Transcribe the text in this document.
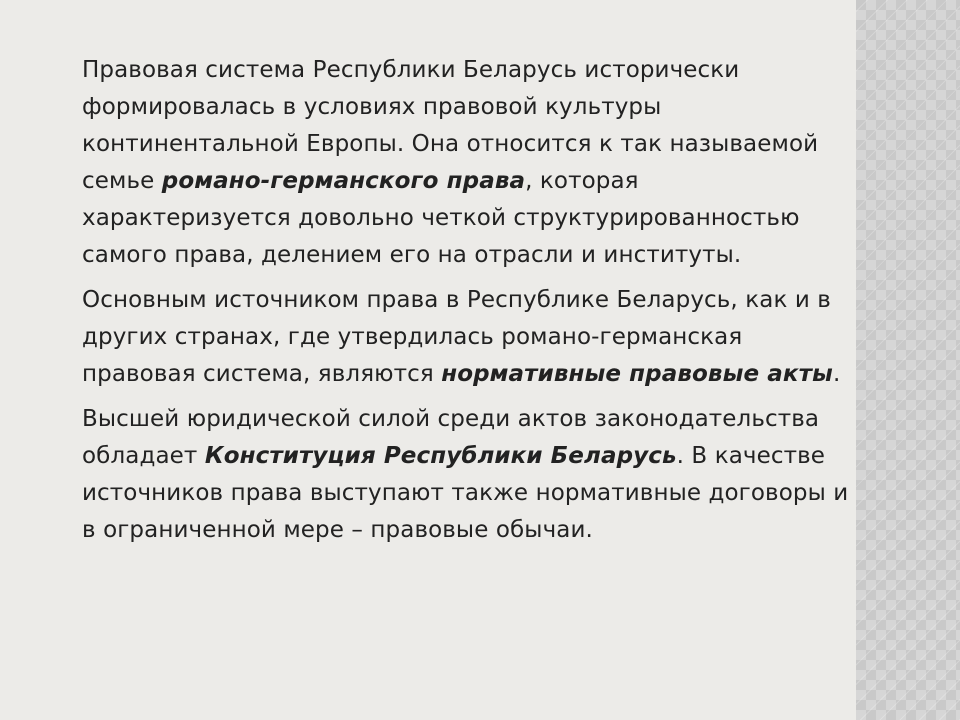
Правовая система Республики Беларусь исторически формировалась в условиях правовой культуры континентальной Европы. Она относится к так называемой семье романо-германского права, которая характеризуется довольно четкой структурированностью самого права, делением его на отрасли и институты.

Основным источником права в Республике Беларусь, как и в других странах, где утвердилась романо-германская правовая система, являются нормативные правовые акты.

Высшей юридической силой среди актов законодательства обладает Конституция Республики Беларусь. В качестве источников права выступают также нормативные договоры и в ограниченной мере – правовые обычаи.
